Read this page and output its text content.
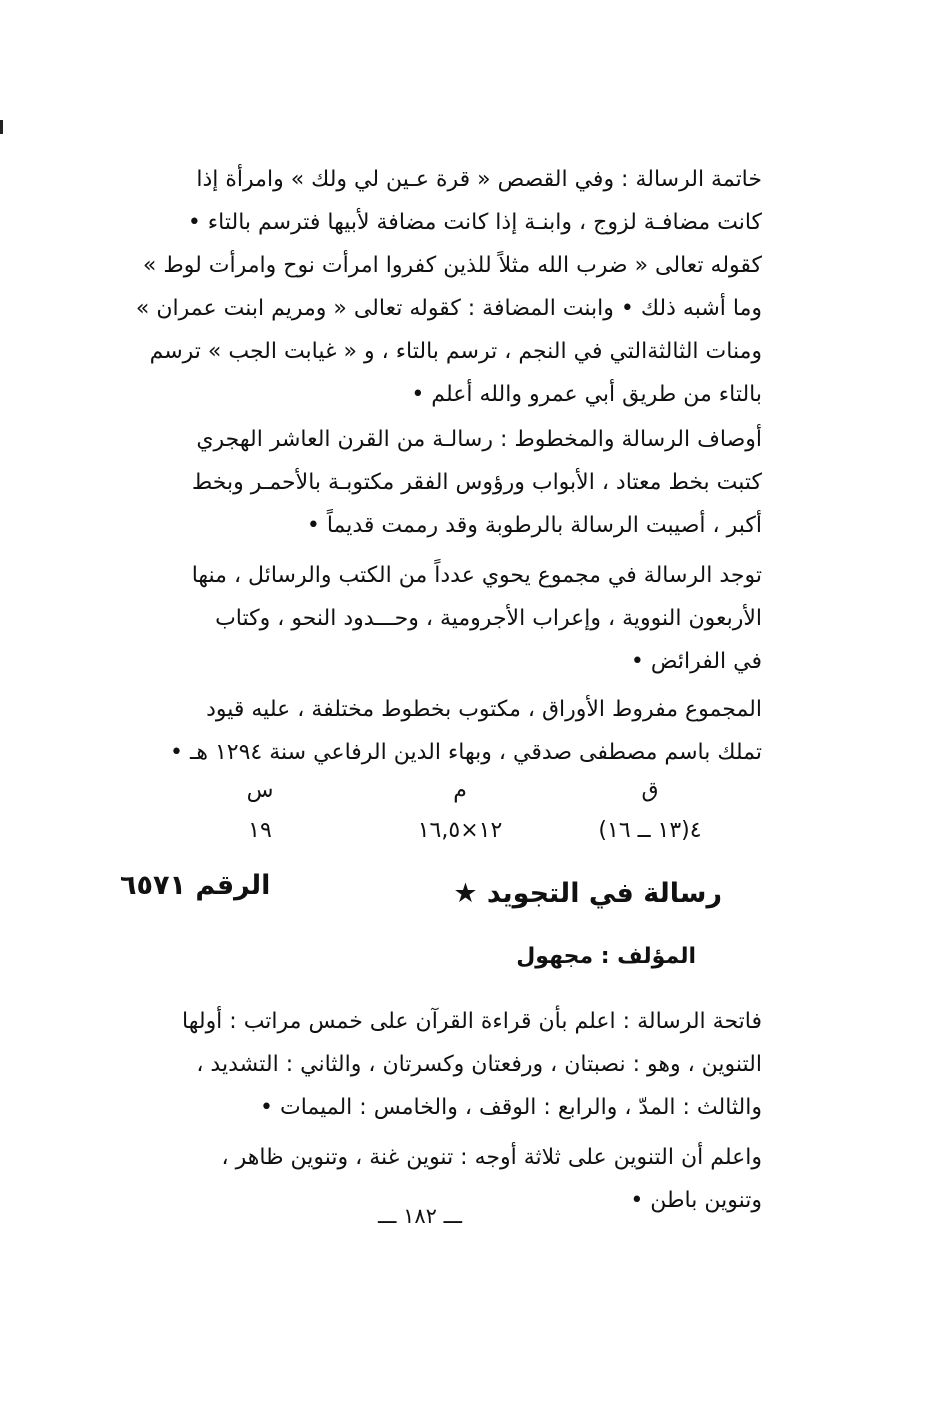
خاتمة الرسالة : وفي القصص « قرة عـين لي ولك » وامرأة إذا
كانت مضافـة لزوج ، وابنـة إذا كانت مضافة لأبيها فترسم بالتاء •
كقوله تعالى « ضرب الله مثلاً للذين كفروا امرأت نوح وامرأت لوط »
وما أشبه ذلك • وابنت المضافة : كقوله تعالى « ومريم ابنت عمران »
ومنات الثالثةالتي في النجم ، ترسم بالتاء ، و « غيابت الجب » ترسم
بالتاء من طريق أبي عمرو والله أعلم •

أوصاف الرسالة والمخطوط : رسالـة من القرن العاشر الهجري
كتبت بخط معتاد ، الأبواب ورؤوس الفقر مكتوبـة بالأحمـر وبخط
أكبر ، أصيبت الرسالة بالرطوبة وقد رممت قديماً •

توجد الرسالة في مجموع يحوي عدداً من الكتب والرسائل ، منها
الأربعون النووية ، وإعراب الأجرومية ، وحـــدود النحو ، وكتاب
في الفرائض •

المجموع مفروط الأوراق ، مكتوب بخطوط مختلفة ، عليه قيود
تملك باسم مصطفى صدقي ، وبهاء الدين الرفاعي سنة ١٢٩٤ هـ •

ق
م
س
٤(١٣ ــ ١٦)
١٢×١٦,٥
١٩
رسالة في التجويد ★
الرقم ٦٥٧١
المؤلف : مجهول

فاتحة الرسالة : اعلم بأن قراءة القرآن على خمس مراتب : أولها
التنوين ، وهو : نصبتان ، ورفعتان وكسرتان ، والثاني : التشديد ،
والثالث : المدّ ، والرابع : الوقف ، والخامس : الميمات •

واعلم أن التنوين على ثلاثة أوجه : تنوين غنة ، وتنوين ظاهر ،
وتنوين باطن •

ـــ ١٨٢ ـــ
